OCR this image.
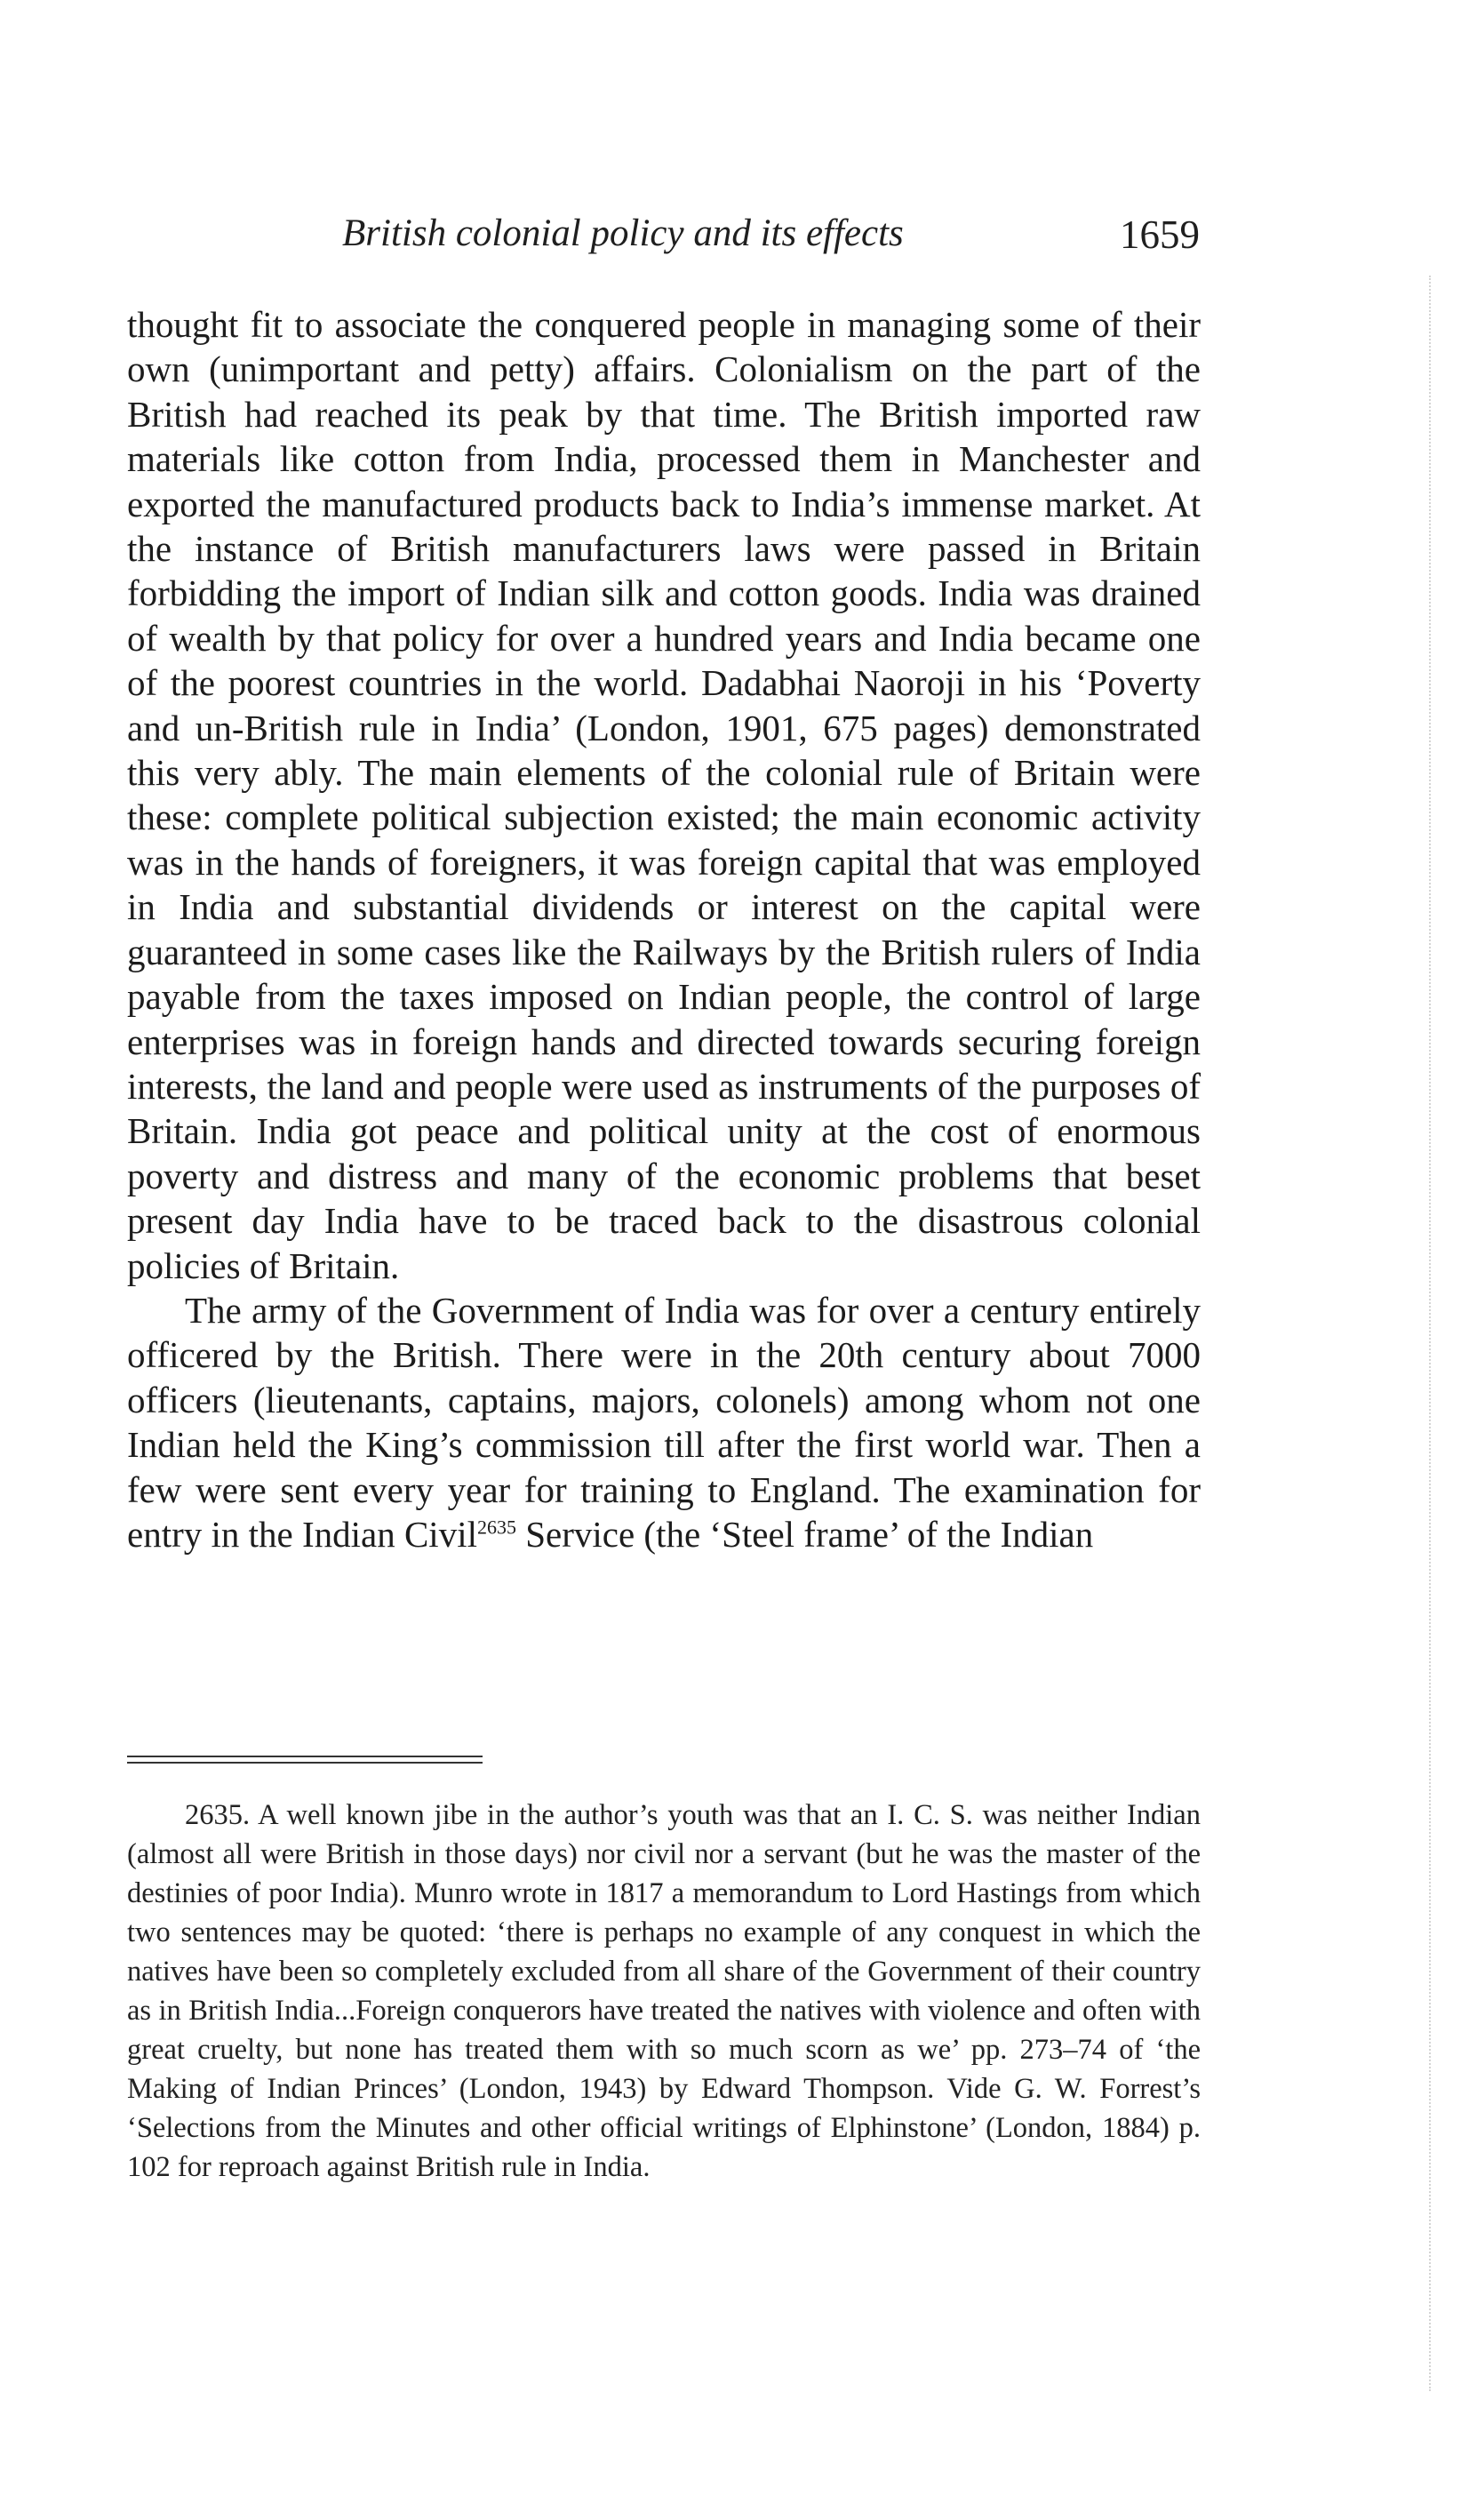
British colonial policy and its effects	1659

thought fit to associate the conquered people in managing some of their own (unimportant and petty) affairs. Colonialism on the part of the British had reached its peak by that time. The British imported raw materials like cotton from India, processed them in Manchester and exported the manufactured products back to India’s immense market. At the instance of British manufacturers laws were passed in Britain forbidding the import of Indian silk and cotton goods. India was drained of wealth by that policy for over a hundred years and India became one of the poorest countries in the world. Dadabhai Naoroji in his ‘Poverty and un-British rule in India’ (London, 1901, 675 pages) demonstrated this very ably. The main elements of the colonial rule of Britain were these: complete political subjection existed; the main economic activity was in the hands of foreigners, it was foreign capital that was employed in India and substantial dividends or interest on the capital were guaranteed in some cases like the Railways by the British rulers of India payable from the taxes imposed on Indian people, the control of large enterprises was in foreign hands and directed towards securing foreign interests, the land and people were used as instruments of the purposes of Britain. India got peace and political unity at the cost of enormous poverty and distress and many of the economic problems that beset present day India have to be traced back to the disastrous colonial policies of Britain.

The army of the Government of India was for over a century entirely officered by the British. There were in the 20th century about 7000 officers (lieutenants, captains, majors, colonels) among whom not one Indian held the King’s commission till after the first world war. Then a few were sent every year for training to England. The examination for entry in the Indian Civil$^{2635}$ Service (the ‘Steel frame’ of the Indian

2635. A well known jibe in the author’s youth was that an I. C. S. was neither Indian (almost all were British in those days) nor civil nor a servant (but he was the master of the destinies of poor India). Munro wrote in 1817 a memorandum to Lord Hastings from which two sentences may be quoted: ‘there is perhaps no example of any conquest in which the natives have been so completely excluded from all share of the Government of their country as in British India...Foreign conquerors have treated the natives with violence and often with great cruelty, but none has treated them with so much scorn as we’ pp. 273–74 of ‘the Making of Indian Princes’ (London, 1943) by Edward Thompson. Vide G. W. Forrest’s ‘Selections from the Minutes and other official writings of Elphinstone’ (London, 1884) p. 102 for reproach against British rule in India.
